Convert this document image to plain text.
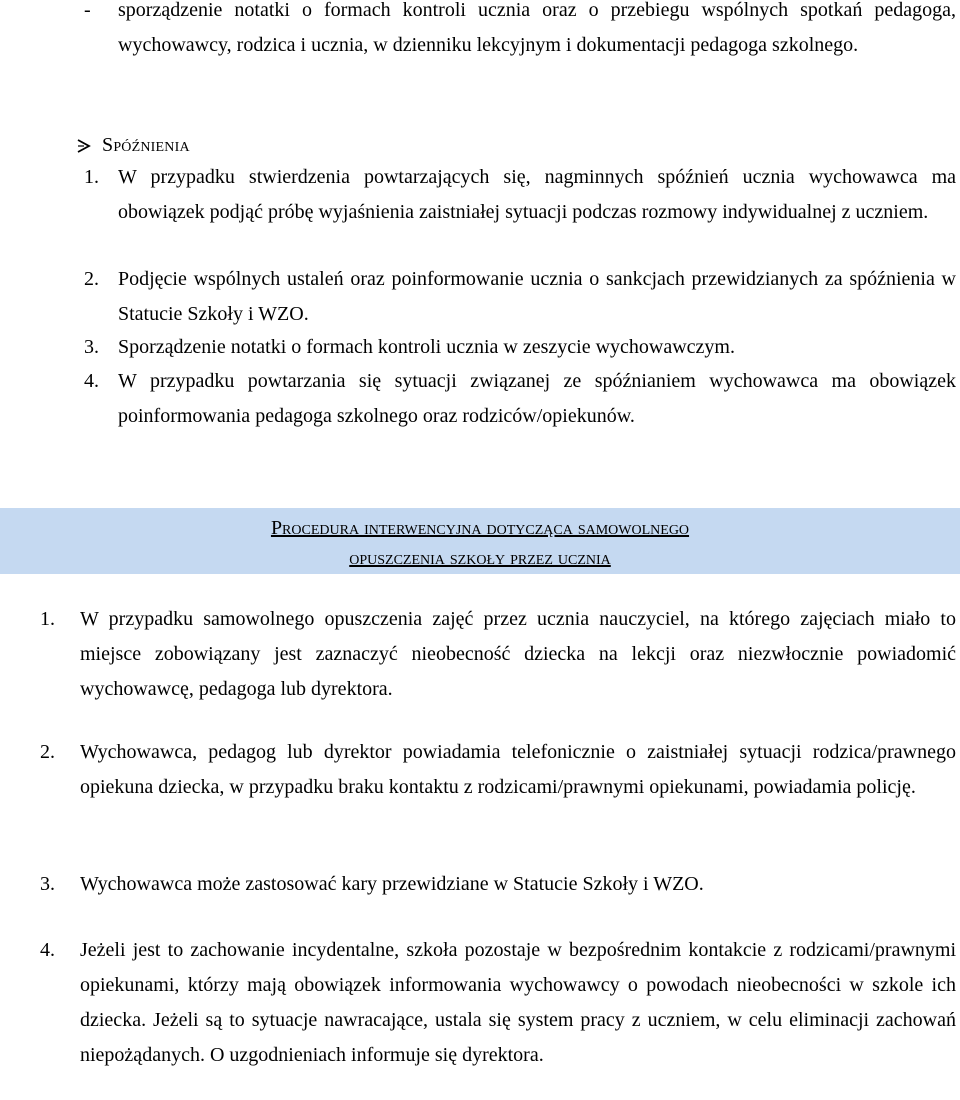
-	sporządzenie notatki o formach kontroli ucznia oraz o przebiegu wspólnych spotkań pedagoga, wychowawcy, rodzica i ucznia, w dzienniku lekcyjnym i dokumentacji pedagoga szkolnego.
Spóźnienia
1. W przypadku stwierdzenia powtarzających się, nagminnych spóźnień ucznia wychowawca ma obowiązek podjąć próbę wyjaśnienia zaistniałej sytuacji podczas rozmowy indywidualnej z uczniem.
2. Podjęcie wspólnych ustaleń oraz poinformowanie ucznia o sankcjach przewidzianych za spóźnienia w Statucie Szkoły i WZO.
3. Sporządzenie notatki o formach kontroli ucznia w zeszycie wychowawczym.
4. W przypadku powtarzania się sytuacji związanej ze spóźnianiem wychowawca ma obowiązek poinformowania pedagoga szkolnego oraz rodziców/opiekunów.
Procedura interwencyjna dotycząca samowolnego
opuszczenia szkoły przez ucznia
1.	W przypadku samowolnego opuszczenia zajęć przez ucznia nauczyciel, na którego zajęciach miało to miejsce zobowiązany jest zaznaczyć nieobecność dziecka na lekcji oraz niezwłocznie powiadomić wychowawcę, pedagoga lub dyrektora.
2.	Wychowawca, pedagog lub dyrektor powiadamia telefonicznie o zaistniałej sytuacji rodzica/prawnego opiekuna dziecka, w przypadku braku kontaktu z rodzicami/prawnymi opiekunami, powiadamia policję.
3.	Wychowawca może zastosować kary przewidziane w Statucie Szkoły i WZO.
4.	Jeżeli jest to zachowanie incydentalne, szkoła pozostaje w bezpośrednim kontakcie z rodzicami/prawnymi opiekunami, którzy mają obowiązek informowania wychowawcy o powodach nieobecności w szkole ich dziecka. Jeżeli są to sytuacje nawracające, ustala się system pracy z uczniem, w celu eliminacji zachowań niepożądanych. O uzgodnieniach informuje się dyrektora.
